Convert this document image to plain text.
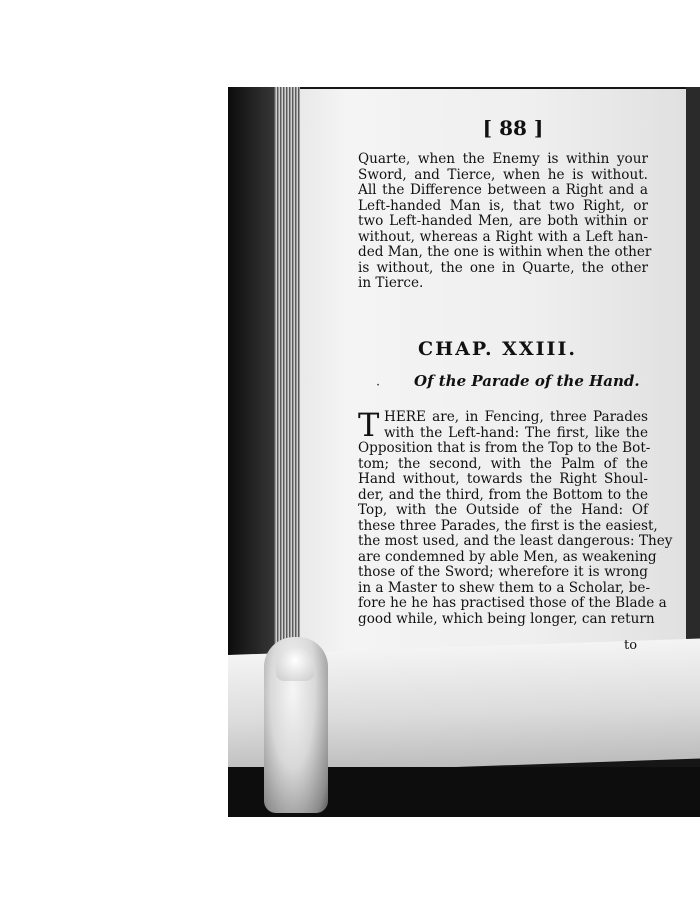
[ 88 ]
Quarte, when the Enemy is within your
Sword, and Tierce, when he is without.
All the Difference between a Right and a
Left-handed Man is, that two Right, or
two Left-handed Men, are both within or
without, whereas a Right with a Left han-
ded Man, the one is within when the other
is without, the one in Quarte, the other
in Tierce.
CHAP. XXIII.
· Of the Parade of the Hand.
T HERE are, in Fencing, three Parades
with the Left-hand: The first, like the
Opposition that is from the Top to the Bot-
tom; the second, with the Palm of the
Hand without, towards the Right Shoul-
der, and the third, from the Bottom to the
Top, with the Outside of the Hand: Of
these three Parades, the first is the easiest,
the most used, and the least dangerous: They
are condemned by able Men, as weakening
those of the Sword; wherefore it is wrong
in a Master to shew them to a Scholar, be-
fore he he has practised those of the Blade a
good while, which being longer, can return
to
